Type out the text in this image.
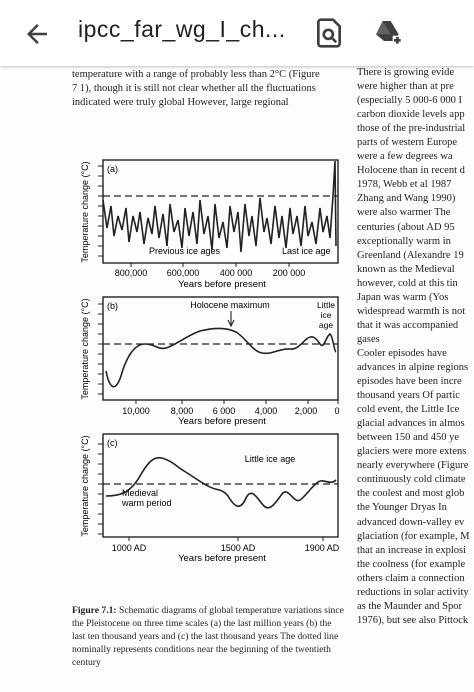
ipcc_far_wg_I_ch...
temperature with a range of probably less than 2°C (Figure
7 1), though it is still not clear whether all the fluctuations
indicated were truly global However, large regional
(a)
Previous ice ages	Last ice age
800,000 600,000 400 000 200 000
Years before present
Temperature change (°C)
(b)	Holocene maximum	Little
ice
age
10,000 8,000 6 000 4,000 2,000 0
Years before present
Temperature change (°C)
(c)
Little ice age
Medieval
warm period
1000 AD	1500 AD	1900 AD
Years before present
Temperature change (°C)
Figure 7.1: Schematic diagrams of global temperature variations since the Pleistocene on three time scales (a) the last million years (b) the last ten thousand years and (c) the last thousand years The dotted line nominally represents conditions near the beginning of the twentieth century
There is growing evide
were higher than at pre
(especially 5 000-6 000 I
carbon dioxide levels app
those of the pre-industrial
parts of western Europe
were a few degrees wa
Holocene than in recent d
1978, Webb et al 1987
Zhang and Wang 1990)
were also warmer The
centuries (about AD 95
exceptionally warm in
Greenland (Alexandre 19
known as the Medieval
however, cold at this tin
Japan was warm (Yos
widespread warmth is not
that it was accompanied
gases
Cooler episodes have
advances in alpine regions
episodes have been incre
thousand years Of partic
cold event, the Little Ice
glacial advances in almos
between 150 and 450 ye
glaciers were more extens
nearly everywhere (Figure
continuously cold climate
the coolest and most glob
the Younger Dryas In
advanced down-valley ev
glaciation (for example, M
that an increase in explosi
the coolness (for example
others claim a connection
reductions in solar activity
as the Maunder and Spor
1976), but see also Pittock
